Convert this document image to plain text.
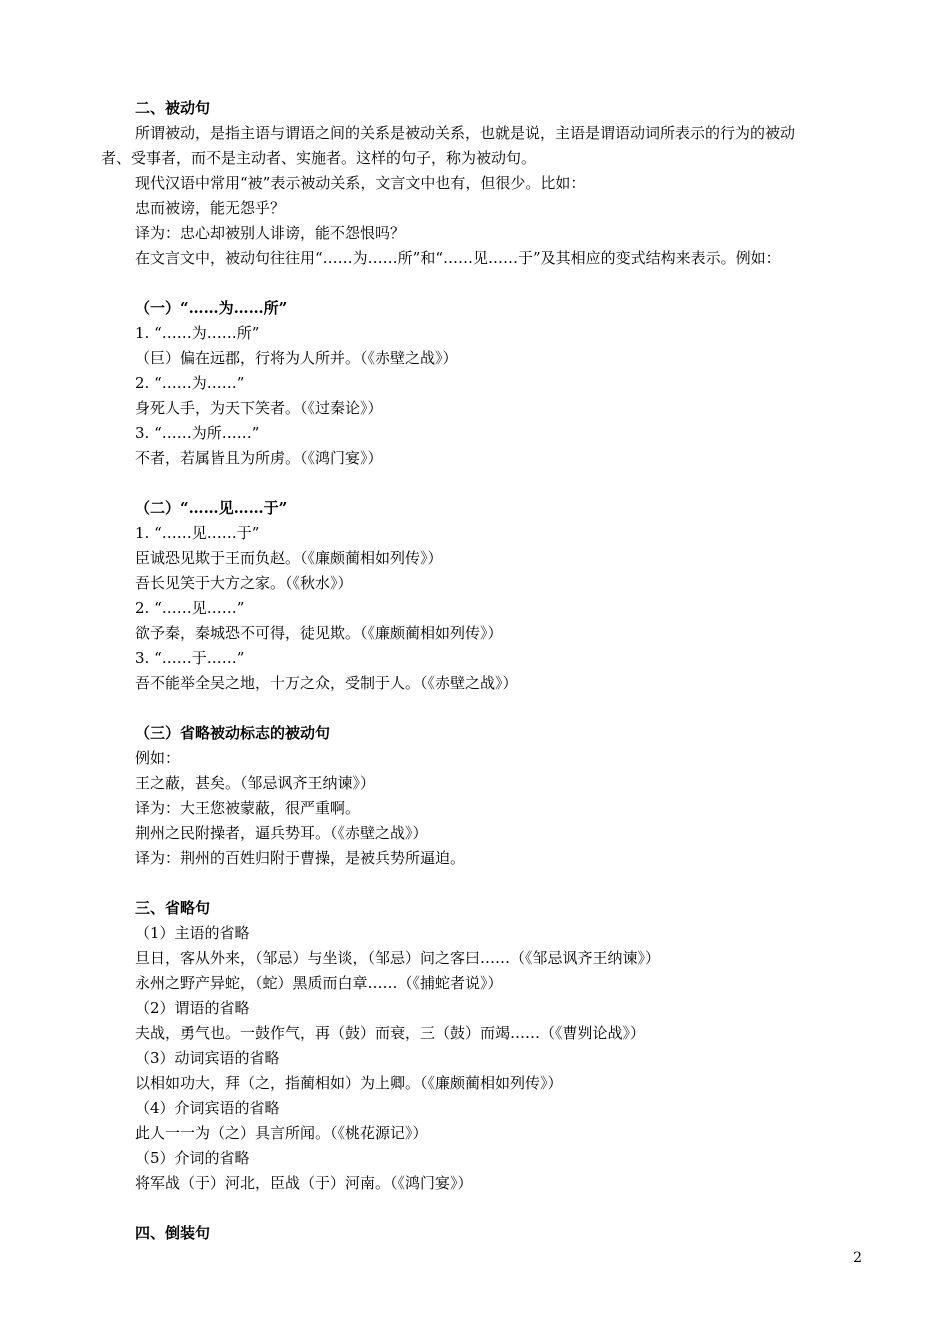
二、被动句
所谓被动，是指主语与谓语之间的关系是被动关系，也就是说，主语是谓语动词所表示的行为的被动
者、受事者，而不是主动者、实施者。这样的句子，称为被动句。
现代汉语中常用“被”表示被动关系，文言文中也有，但很少。比如：
忠而被谤，能无怨乎？
译为：忠心却被别人诽谤，能不怨恨吗？
在文言文中，被动句往往用“……为……所”和“……见……于”及其相应的变式结构来表示。例如：
（一）“……为……所”
1. “……为……所”
（巨）偏在远郡，行将为人所并。（《赤壁之战》）
2. “……为……”
身死人手，为天下笑者。（《过秦论》）
3. “……为所……”
不者，若属皆且为所虏。（《鸿门宴》）
（二）“……见……于”
1. “……见……于”
臣诚恐见欺于王而负赵。（《廉颇蔺相如列传》）
吾长见笑于大方之家。（《秋水》）
2. “……见……”
欲予秦，秦城恐不可得，徒见欺。（《廉颇蔺相如列传》）
3. “……于……”
吾不能举全吴之地，十万之众，受制于人。（《赤壁之战》）
（三）省略被动标志的被动句
例如：
王之蔽，甚矣。（邹忌讽齐王纳谏》）
译为：大王您被蒙蔽，很严重啊。
荆州之民附操者，逼兵势耳。（《赤壁之战》）
译为：荆州的百姓归附于曹操，是被兵势所逼迫。
三、省略句
（1）主语的省略
旦日，客从外来，（邹忌）与坐谈，（邹忌）问之客曰……（《邹忌讽齐王纳谏》）
永州之野产异蛇，（蛇）黑质而白章……（《捕蛇者说》）
（2）谓语的省略
夫战，勇气也。一鼓作气，再（鼓）而衰，三（鼓）而竭……（《曹刿论战》）
（3）动词宾语的省略
以相如功大，拜（之，指蔺相如）为上卿。（《廉颇蔺相如列传》）
（4）介词宾语的省略
此人一一为（之）具言所闻。（《桃花源记》）
（5）介词的省略
将军战（于）河北，臣战（于）河南。（《鸿门宴》）
四、倒装句
2
